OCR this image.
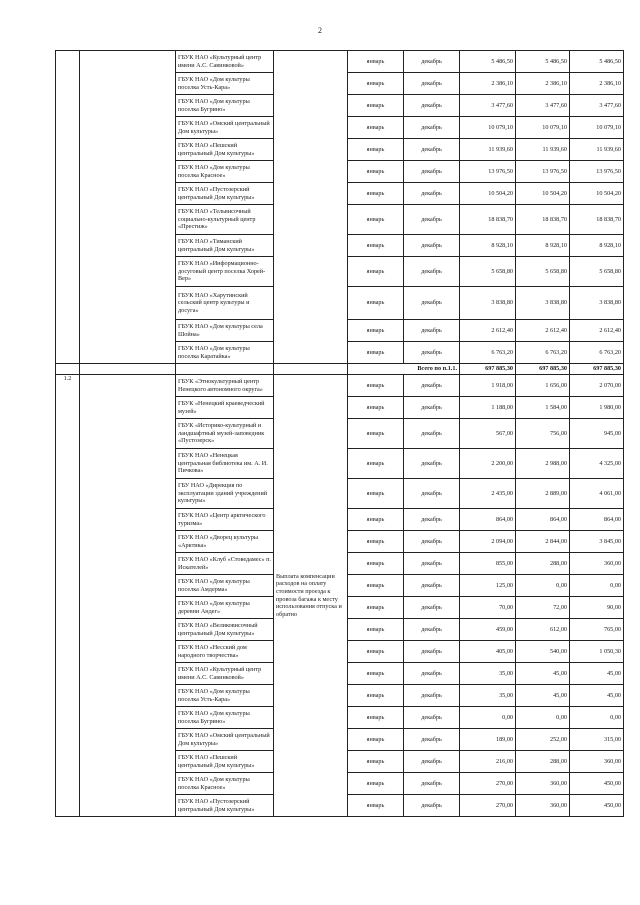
2
		ГБУК НАО «Культурный центр имени А.С. Савинковой»		январь	декабрь	5 486,50	5 486,50	5 486,50
		ГБУК НАО «Дом культуры поселка Усть-Кара»		январь	декабрь	2 386,10	2 386,10	2 386,10
		ГБУК НАО «Дом культуры поселка Бугрино»		январь	декабрь	3 477,60	3 477,60	3 477,60
		ГБУК НАО «Омский центральный Дом культуры»		январь	декабрь	10 079,10	10 079,10	10 079,10
		ГБУК НАО «Пешский центральный Дом культуры»		январь	декабрь	11 939,60	11 939,60	11 939,60
		ГБУК НАО «Дом культуры поселка Красное»		январь	декабрь	13 976,50	13 976,50	13 976,50
		ГБУК НАО «Пустозерский центральный Дом культуры»		январь	декабрь	10 504,20	10 504,20	10 504,20
		ГБУК НАО «Тельвисочный социально-культурный центр «Престиж»		январь	декабрь	18 838,70	18 838,70	18 838,70
		ГБУК НАО «Тиманский центральный Дом культуры»		январь	декабрь	8 928,10	8 928,10	8 928,10
		ГБУК НАО «Информационно-досуговый центр поселка Хорей-Вер»		январь	декабрь	5 658,80	5 658,80	5 658,80
		ГБУК НАО «Харутинский сельский центр культуры и досуга»		январь	декабрь	3 838,80	3 838,80	3 838,80
		ГБУК НАО «Дом культуры села Шойна»		январь	декабрь	2 612,40	2 612,40	2 612,40
		ГБУК НАО «Дом культуры поселка Каратайка»		январь	декабрь	6 763,20	6 763,20	6 763,20
				Всего по п.1.1.		697 885,30	697 885,30	697 885,30
1.2		ГБУК «Этнокультурный центр Ненецкого автономного округа»	Выплата компенсации расходов на оплату стоимости проезда к провоза багажа к месту использования отпуска и обратно	январь	декабрь	1 918,00	1 656,00	2 070,00
		ГБУК «Ненецкий краеведческий музей»		январь	декабрь	1 188,00	1 584,00	1 980,00
		ГБУК «Историко-культурный и ландшафтный музей-заповедник «Пустозерск»		январь	декабрь	567,00	756,00	945,00
		ГБУК НАО «Ненецкая центральная библиотека им. А. И. Пичкова»		январь	декабрь	2 200,00	2 988,00	4 325,00
		ГБУ НАО «Дирекция по эксплуатации зданий учреждений культуры»		январь	декабрь	2 435,00	2 889,00	4 061,00
		ГБУК НАО «Центр арктического туризма»		январь	декабрь	864,00	864,00	864,00
		ГБУК НАО «Дворец культуры «Арктика»		январь	декабрь	2 094,00	2 844,00	3 845,00
		ГБУК НАО «Клуб «Стоведамес» п. Искателей»		январь	декабрь	855,00	288,00	360,00
		ГБУК НАО «Дом культуры поселка Амдерма»		январь	декабрь	125,00	0,00	0,00
		ГБУК НАО «Дом культуры деревни Андег»		январь	декабрь	70,00	72,00	90,00
		ГБУК НАО «Великовисочный центральный Дом культуры»		январь	декабрь	459,00	612,00	765,00
		ГБУК НАО «Несский дом народного творчества»		январь	декабрь	405,00	540,00	1 050,30
		ГБУК НАО «Культурный центр имени А.С. Савинковой»		январь	декабрь	35,00	45,00	45,00
		ГБУК НАО «Дом культуры поселка Усть-Кара»		январь	декабрь	35,00	45,00	45,00
		ГБУК НАО «Дом культуры поселка Бугрино»		январь	декабрь	0,00	0,00	0,00
		ГБУК НАО «Омский центральный Дом культуры»		январь	декабрь	189,00	252,00	315,00
		ГБУК НАО «Пешский центральный Дом культуры»		январь	декабрь	216,00	288,00	360,00
		ГБУК НАО «Дом культуры поселка Красное»		январь	декабрь	270,00	360,00	450,00
		ГБУК НАО «Пустозерский центральный Дом культуры»		январь	декабрь	270,00	360,00	450,00
